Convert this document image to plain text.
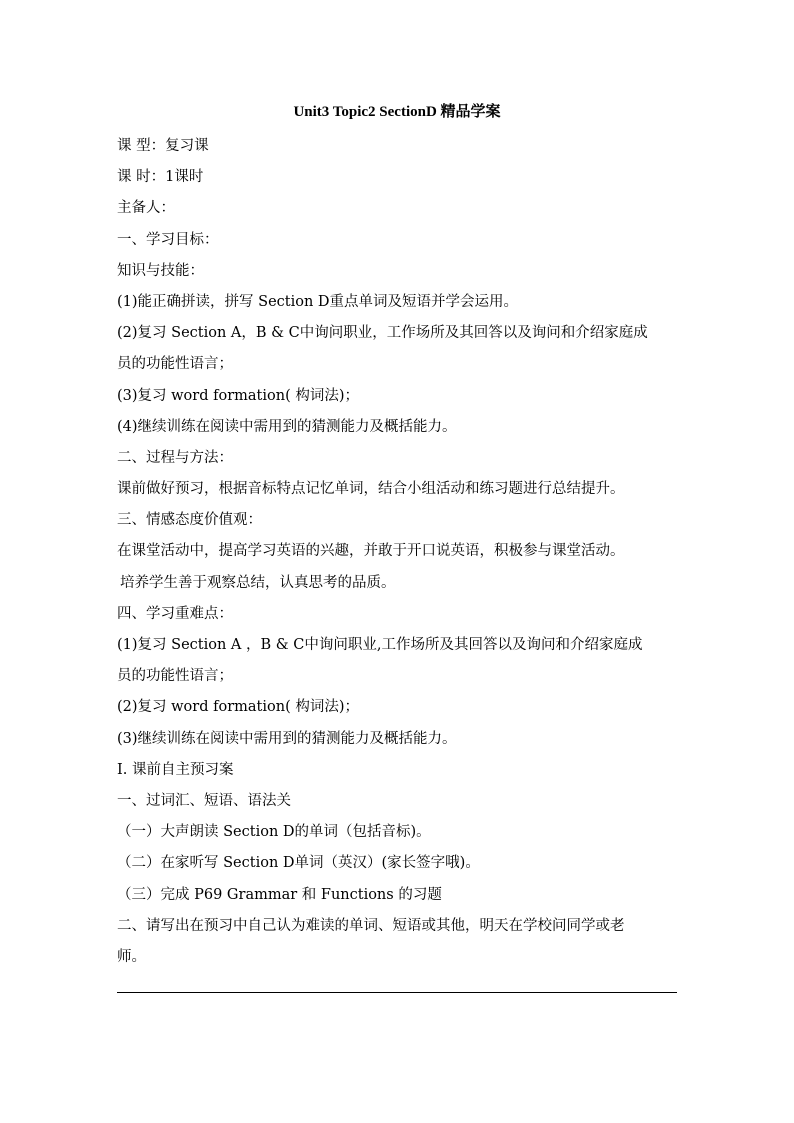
Unit3 Topic2 SectionD 精品学案
课 型：复习课
课 时：1课时
主备人：
一、学习目标：
知识与技能：
(1)能正确拼读，拼写 Section D重点单词及短语并学会运用。
(2)复习 Section A，B & C中询问职业，工作场所及其回答以及询问和介绍家庭成
员的功能性语言；
(3)复习 word formation( 构词法)；
(4)继续训练在阅读中需用到的猜测能力及概括能力。
二、过程与方法：
课前做好预习，根据音标特点记忆单词，结合小组活动和练习题进行总结提升。
三、情感态度价值观：
在课堂活动中，提高学习英语的兴趣，并敢于开口说英语，积极参与课堂活动。
培养学生善于观察总结，认真思考的品质。
四、学习重难点：
(1)复习 Section A ，B & C中询问职业,工作场所及其回答以及询问和介绍家庭成
员的功能性语言；
(2)复习 word formation( 构词法)；
(3)继续训练在阅读中需用到的猜测能力及概括能力。
I. 课前自主预习案
一、过词汇、短语、语法关
（一）大声朗读 Section D的单词（包括音标)。
（二）在家听写 Section D单词（英汉）(家长签字哦)。
（三）完成 P69 Grammar 和 Functions 的习题
二、请写出在预习中自己认为难读的单词、短语或其他，明天在学校问同学或老
师。
